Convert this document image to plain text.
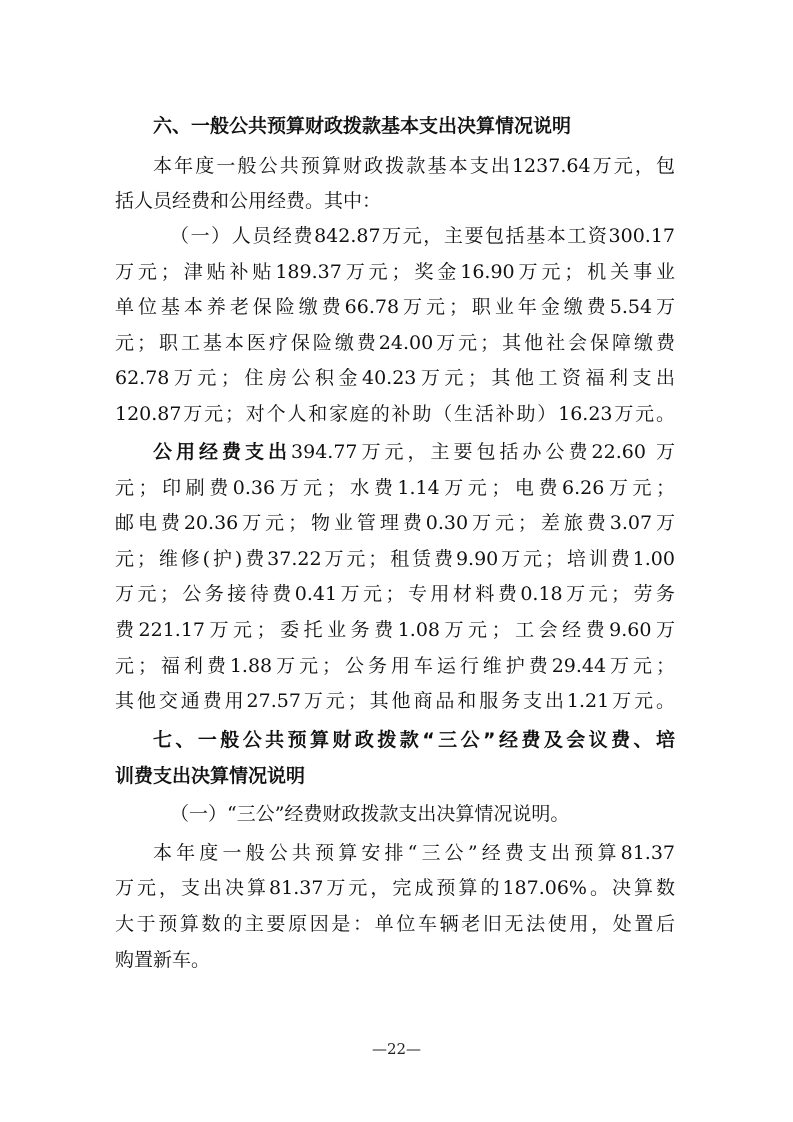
六、一般公共预算财政拨款基本支出决算情况说明
本年度一般公共预算财政拨款基本支出1237.64万元，包
括人员经费和公用经费。其中：
（一）人员经费842.87万元，主要包括基本工资300.17
万元；津贴补贴189.37万元；奖金16.90万元；机关事业
单位基本养老保险缴费66.78万元；职业年金缴费5.54万
元；职工基本医疗保险缴费24.00万元；其他社会保障缴费
62.78万元；住房公积金40.23万元；其他工资福利支出
120.87万元；对个人和家庭的补助（生活补助）16.23万元。
公用经费支出394.77万元，主要包括办公费22.60 万
元；印刷费0.36万元；水费1.14万元；电费6.26万元；
邮电费20.36万元；物业管理费0.30万元；差旅费3.07万
元；维修(护)费37.22万元；租赁费9.90万元；培训费1.00
万元；公务接待费0.41万元；专用材料费0.18万元；劳务
费221.17万元；委托业务费1.08万元；工会经费9.60万
元；福利费1.88万元；公务用车运行维护费29.44万元；
其他交通费用27.57万元；其他商品和服务支出1.21万元。
七、一般公共预算财政拨款“三公”经费及会议费、培
训费支出决算情况说明
（一）“三公”经费财政拨款支出决算情况说明。
本年度一般公共预算安排“三公”经费支出预算81.37
万元，支出决算81.37万元，完成预算的187.06%。决算数
大于预算数的主要原因是：单位车辆老旧无法使用，处置后
购置新车。
—22—
